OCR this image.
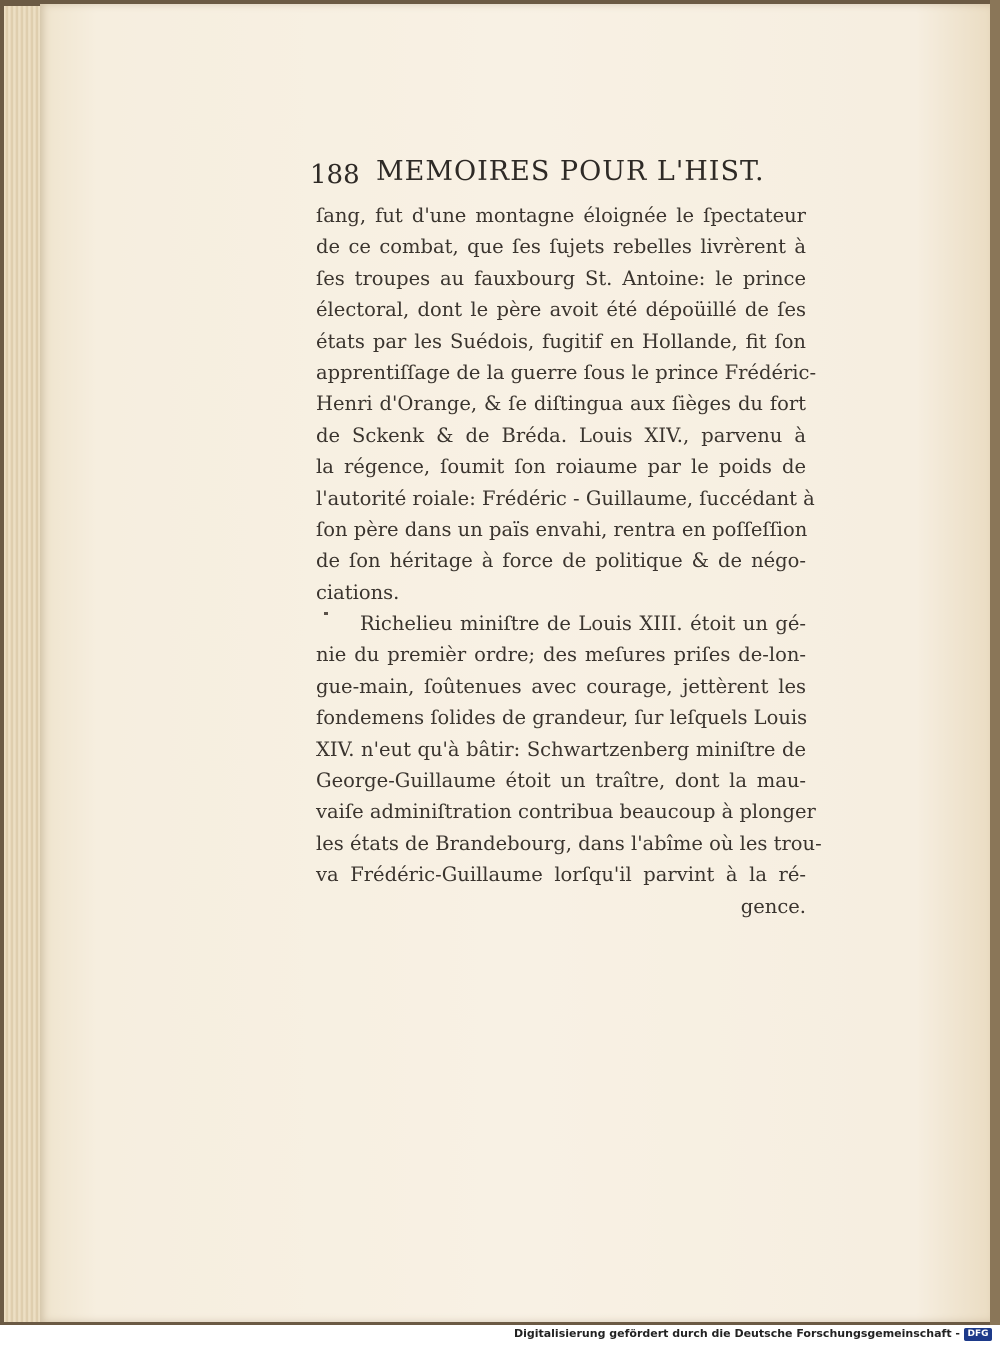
188 MEMOIRES POUR L'HIST.
ſang, fut d'une montagne éloignée le ſpectateur
de ce combat, que ſes ſujets rebelles livrèrent à
ſes troupes au fauxbourg St. Antoine: le prince
électoral, dont le père avoit été dépoüillé de ſes
états par les Suédois, fugitif en Hollande, fit ſon
apprentiſſage de la guerre ſous le prince Frédéric-
Henri d'Orange, & ſe diſtingua aux ſièges du fort
de Sckenk & de Bréda. Louis XIV., parvenu à
la régence, ſoumit ſon roiaume par le poids de
l'autorité roiale: Frédéric - Guillaume, ſuccédant à
ſon père dans un païs envahi, rentra en poſſeſſion
de ſon héritage à force de politique & de négo-
ciations.
Richelieu miniſtre de Louis XIII. étoit un gé-
nie du premièr ordre; des meſures priſes de-lon-
gue-main, ſoûtenues avec courage, jettèrent les
fondemens ſolides de grandeur, ſur leſquels Louis
XIV. n'eut qu'à bâtir: Schwartzenberg miniſtre de
George-Guillaume étoit un traître, dont la mau-
vaiſe adminiſtration contribua beaucoup à plonger
les états de Brandebourg, dans l'abîme où les trou-
va Frédéric-Guillaume lorſqu'il parvint à la ré-
gence.
Digitalisierung gefördert durch die Deutsche Forschungsgemeinschaft - DFG
